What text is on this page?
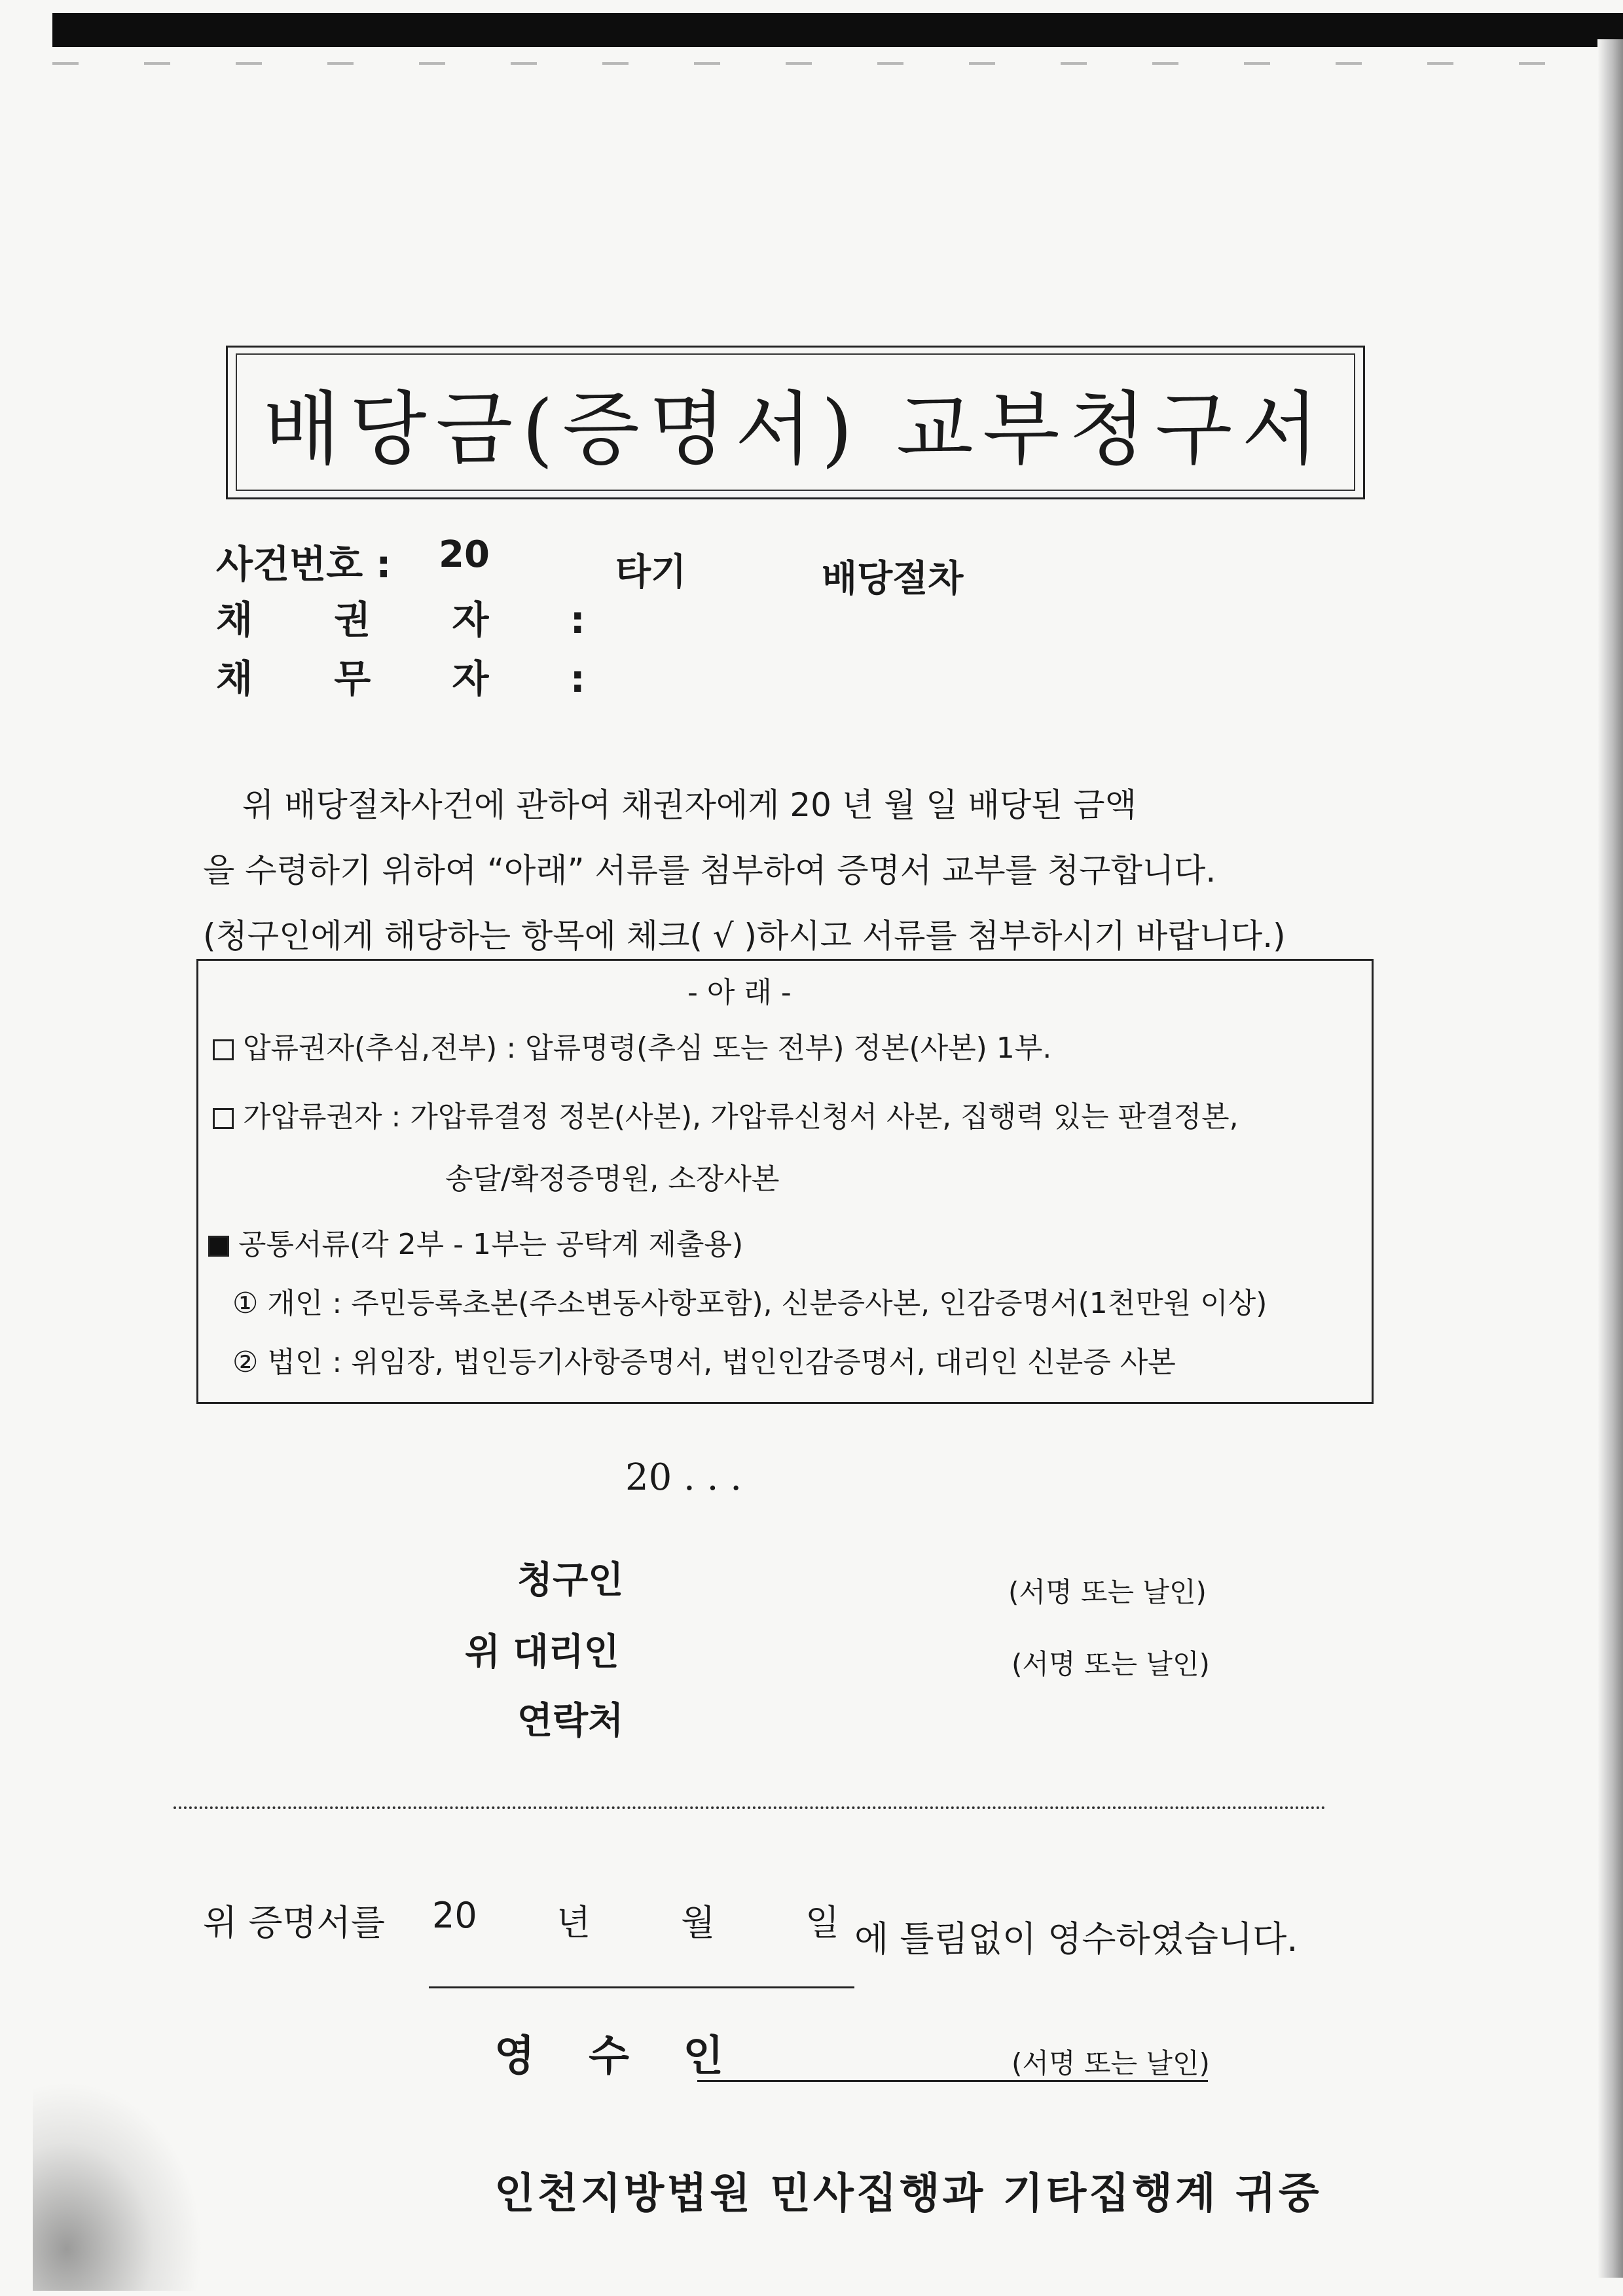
배당금(증명서) 교부청구서
사건번호 : 20	타기	배당절차
채 권 자 :
채 무 자 :
위 배당절차사건에 관하여 채권자에게 20 년 월 일 배당된 금액
을 수령하기 위하여 “아래” 서류를 첨부하여 증명서 교부를 청구합니다.
(청구인에게 해당하는 항목에 체크( √ )하시고 서류를 첨부하시기 바랍니다.)
- 아 래 -
압류권자(추심,전부) : 압류명령(추심 또는 전부) 정본(사본) 1부.
가압류권자 : 가압류결정 정본(사본), 가압류신청서 사본, 집행력 있는 판결정본,
송달/확정증명원, 소장사본
공통서류(각 2부 - 1부는 공탁계 제출용)
① 개인 : 주민등록초본(주소변동사항포함), 신분증사본, 인감증명서(1천만원 이상)
② 법인 : 위임장, 법인등기사항증명서, 법인인감증명서, 대리인 신분증 사본
20 . . .
청구인	(서명 또는 날인)
위 대리인	(서명 또는 날인)
연락처
위 증명서를 20 년	월	일 에 틀림없이 영수하였습니다.
영 수 인	(서명 또는 날인)
인천지방법원 민사집행과 기타집행계 귀중
